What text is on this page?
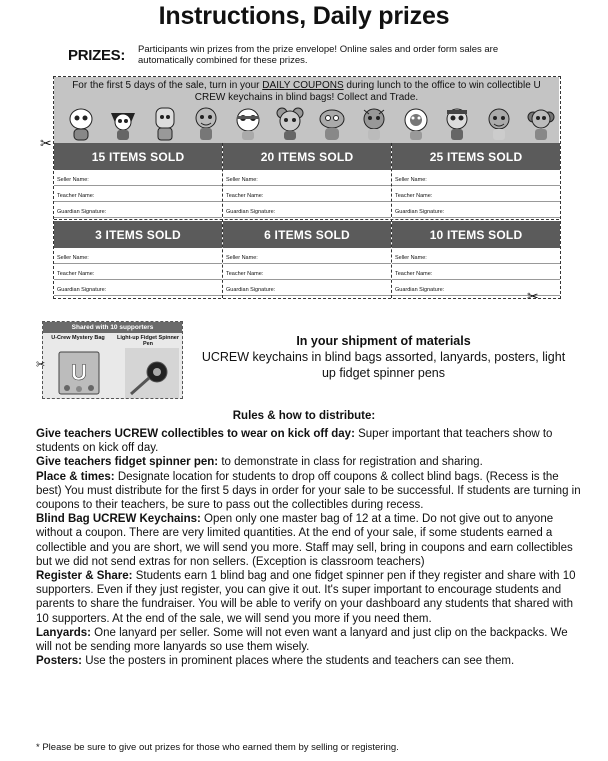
Instructions, Daily prizes
PRIZES: Participants win prizes from the prize envelope! Online sales and order form sales are automatically combined for these prizes.
For the first 5 days of the sale, turn in your DAILY COUPONS during lunch to the office to win collectible U CREW keychains in blind bags! Collect and Trade.
15 ITEMS SOLD
Seller Name:
Teacher Name:
Guardian Signature:
20 ITEMS SOLD
Seller Name:
Teacher Name:
Guardian Signature:
25 ITEMS SOLD
Seller Name:
Teacher Name:
Guardian Signature:
3 ITEMS SOLD
Seller Name:
Teacher Name:
Guardian Signature:
6 ITEMS SOLD
Seller Name:
Teacher Name:
Guardian Signature:
10 ITEMS SOLD
Seller Name:
Teacher Name:
Guardian Signature:
✂
✂
Shared with 10 supporters
U-Crew Mystery Bag	Light-up Fidget Spinner Pen
U
✂
In your shipment of materials
UCREW keychains in blind bags assorted, lanyards, posters, light up fidget spinner pens
Rules & how to distribute:
Give teachers UCREW collectibles to wear on kick off day: Super important that teachers show to students on kick off day.
Give teachers fidget spinner pen: to demonstrate in class for registration and sharing.
Place & times: Designate location for students to drop off coupons & collect blind bags. (Recess is the best) You must distribute for the first 5 days in order for your sale to be successful. If students are turning in coupons to their teachers, be sure to pass out the collectibles during recess.
Blind Bag UCREW Keychains: Open only one master bag of 12 at a time. Do not give out to anyone without a coupon. There are very limited quantities. At the end of your sale, if some students earned a collectible and you are short, we will send you more. Staff may sell, bring in coupons and earn collectibles but we did not send extras for non sellers. (Exception is classroom teachers)
Register & Share: Students earn 1 blind bag and one fidget spinner pen if they register and share with 10 supporters. Even if they just register, you can give it out. It's super important to encourage students and parents to share the fundraiser. You will be able to verify on your dashboard any students that shared with 10 supporters. At the end of the sale, we will send you more if you need them.
Lanyards: One lanyard per seller. Some will not even want a lanyard and just clip on the backpacks. We will not be sending more lanyards so use them wisely.
Posters: Use the posters in prominent places where the students and teachers can see them.
* Please be sure to give out prizes for those who earned them by selling or registering.
